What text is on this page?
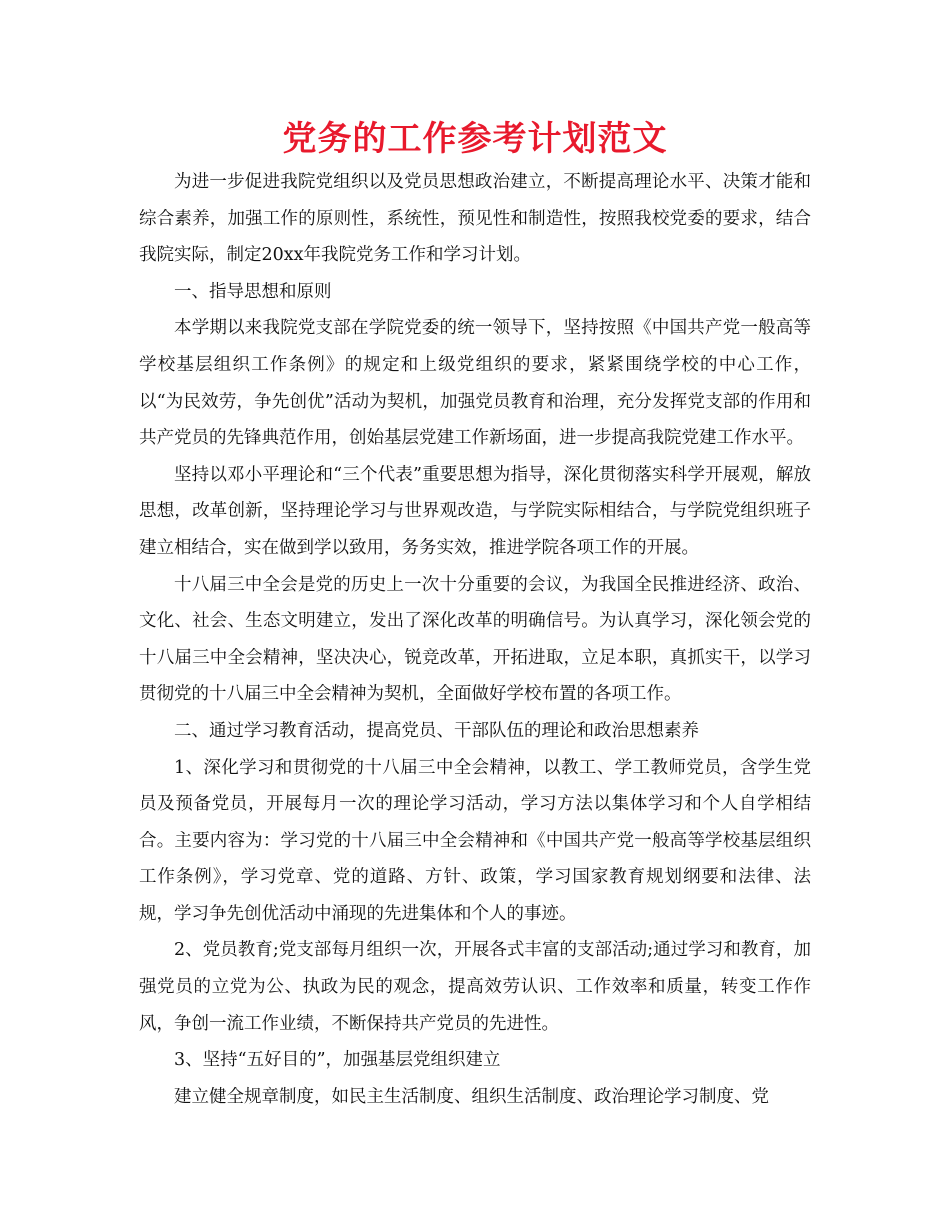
党务的工作参考计划范文

为进一步促进我院党组织以及党员思想政治建立，不断提高理论水平、决策才能和综合素养，加强工作的原则性，系统性，预见性和制造性，按照我校党委的要求，结合我院实际，制定20xx年我院党务工作和学习计划。

一、指导思想和原则

本学期以来我院党支部在学院党委的统一领导下，坚持按照《中国共产党一般高等学校基层组织工作条例》的规定和上级党组织的要求，紧紧围绕学校的中心工作，以“为民效劳，争先创优”活动为契机，加强党员教育和治理，充分发挥党支部的作用和共产党员的先锋典范作用，创始基层党建工作新场面，进一步提高我院党建工作水平。

坚持以邓小平理论和“三个代表”重要思想为指导，深化贯彻落实科学开展观，解放思想，改革创新，坚持理论学习与世界观改造，与学院实际相结合，与学院党组织班子建立相结合，实在做到学以致用，务务实效，推进学院各项工作的开展。

十八届三中全会是党的历史上一次十分重要的会议，为我国全民推进经济、政治、文化、社会、生态文明建立，发出了深化改革的明确信号。为认真学习，深化领会党的十八届三中全会精神，坚决决心，锐竞改革，开拓进取，立足本职，真抓实干，以学习贯彻党的十八届三中全会精神为契机，全面做好学校布置的各项工作。

二、通过学习教育活动，提高党员、干部队伍的理论和政治思想素养

1、深化学习和贯彻党的十八届三中全会精神，以教工、学工教师党员，含学生党员及预备党员，开展每月一次的理论学习活动，学习方法以集体学习和个人自学相结合。主要内容为：学习党的十八届三中全会精神和《中国共产党一般高等学校基层组织工作条例》，学习党章、党的道路、方针、政策，学习国家教育规划纲要和法律、法规，学习争先创优活动中涌现的先进集体和个人的事迹。

2、党员教育;党支部每月组织一次，开展各式丰富的支部活动;通过学习和教育，加强党员的立党为公、执政为民的观念，提高效劳认识、工作效率和质量，转变工作作风，争创一流工作业绩，不断保持共产党员的先进性。

3、坚持“五好目的”，加强基层党组织建立

建立健全规章制度，如民主生活制度、组织生活制度、政治理论学习制度、党
